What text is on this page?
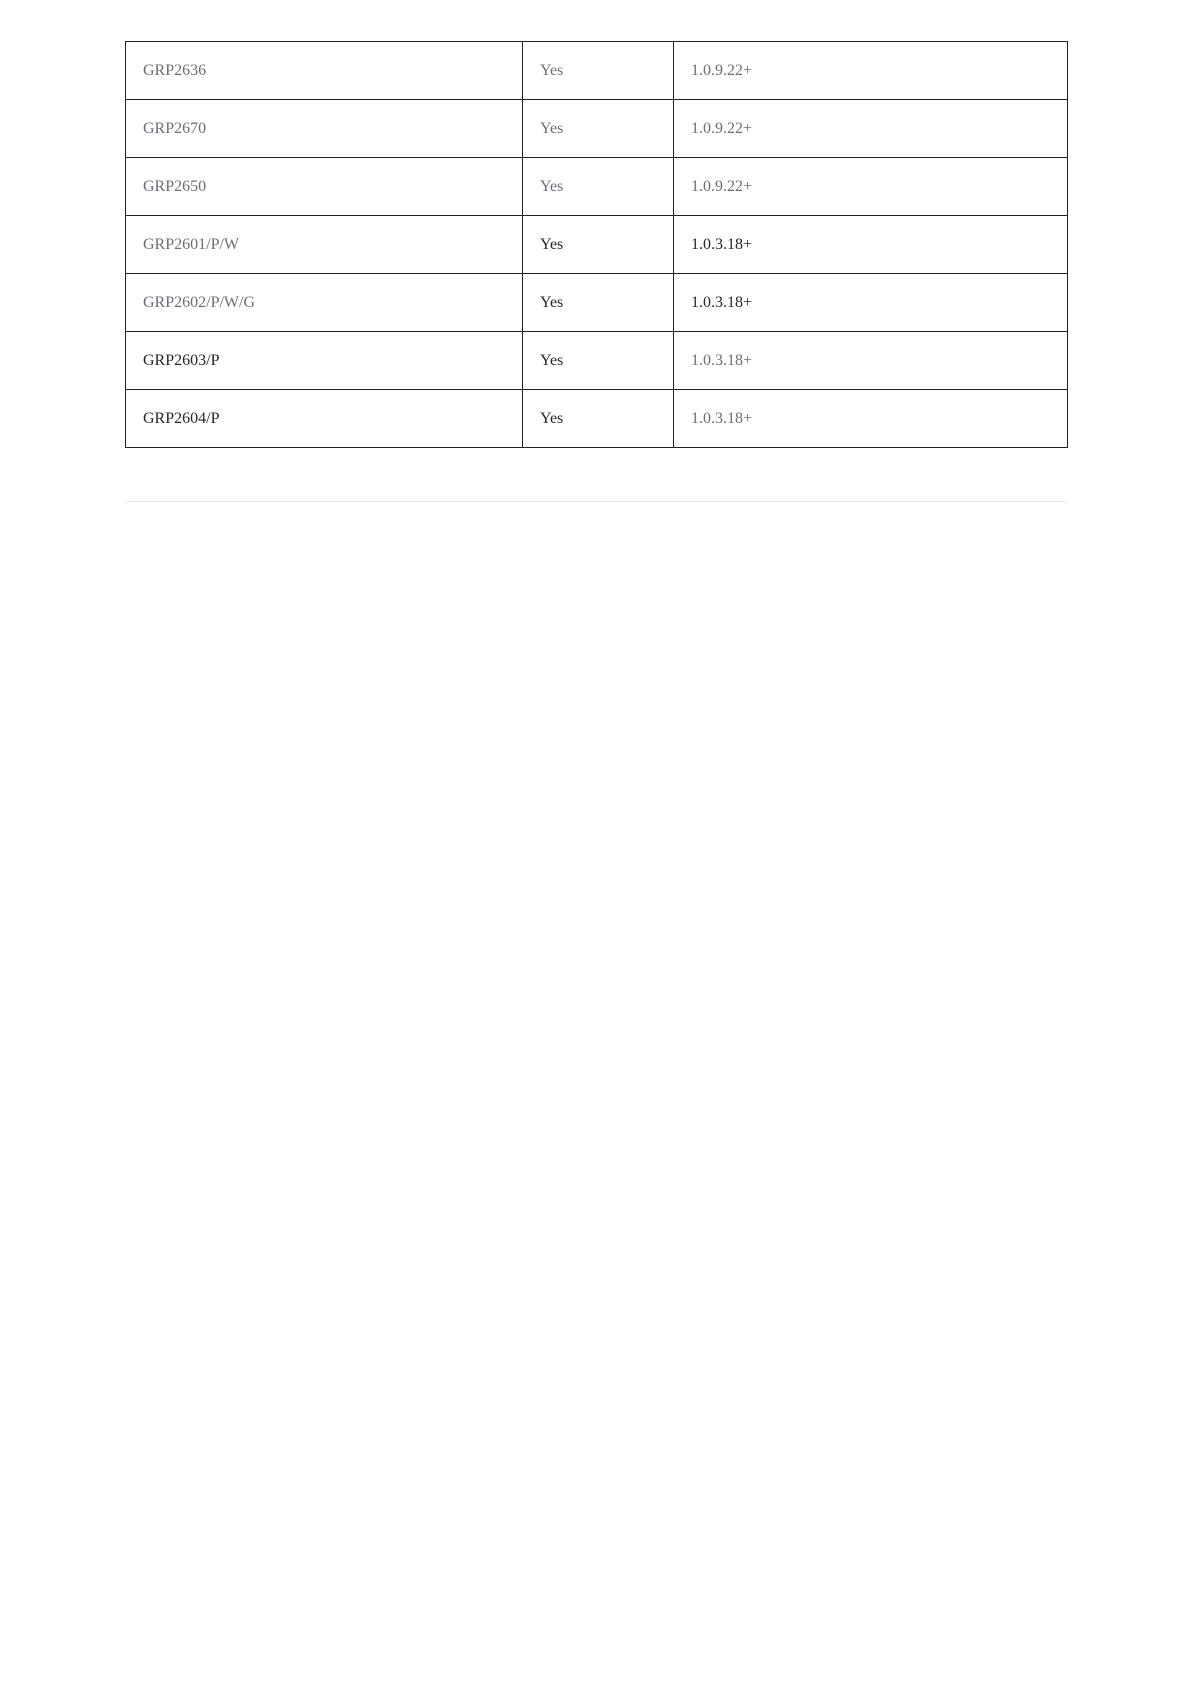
GRP2636	Yes	1.0.9.22+
GRP2670	Yes	1.0.9.22+
GRP2650	Yes	1.0.9.22+
GRP2601/P/W	Yes	1.0.3.18+
GRP2602/P/W/G	Yes	1.0.3.18+
GRP2603/P	Yes	1.0.3.18+
GRP2604/P	Yes	1.0.3.18+
